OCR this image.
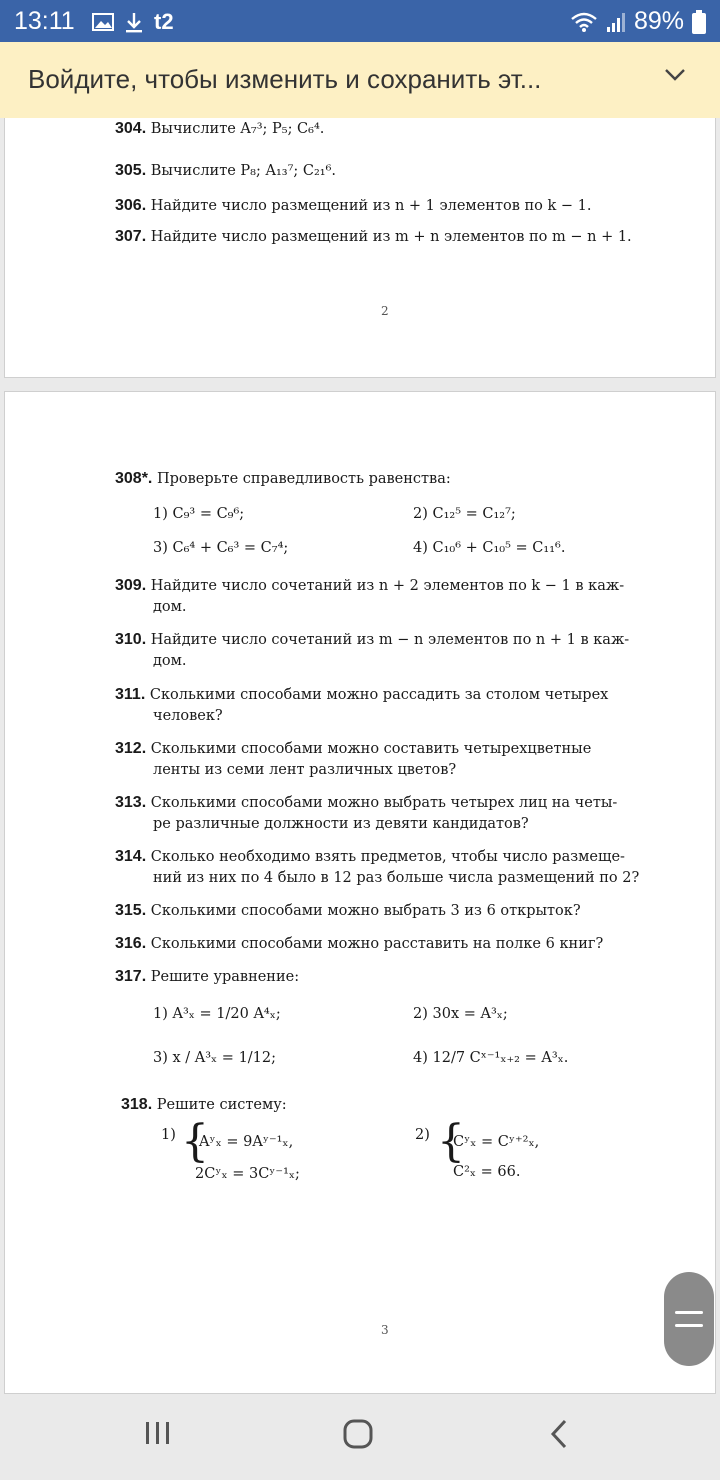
13:11	t2	89%
Войдите, чтобы изменить и сохранить эт...
304. Вычислите A₇³; P₅; C₆⁴.
305. Вычислите P₈; A₁₃⁷; C₂₁⁶.
306. Найдите число размещений из n + 1 элементов по k − 1.
307. Найдите число размещений из m + n элементов по m − n + 1.
2
308*. Проверьте справедливость равенства:
1) C₉³ = C₉⁶;	2) C₁₂⁵ = C₁₂⁷;
3) C₆⁴ + C₆³ = C₇⁴;	4) C₁₀⁶ + C₁₀⁵ = C₁₁⁶.
309. Найдите число сочетаний из n + 2 элементов по k − 1 в каж-
дом.
310. Найдите число сочетаний из m − n элементов по n + 1 в каж-
дом.
311. Сколькими способами можно рассадить за столом четырех
человек?
312. Сколькими способами можно составить четырехцветные
ленты из семи лент различных цветов?
313. Сколькими способами можно выбрать четырех лиц на четы-
ре различные должности из девяти кандидатов?
314. Сколько необходимо взять предметов, чтобы число размеще-
ний из них по 4 было в 12 раз больше числа размещений по 2?
315. Сколькими способами можно выбрать 3 из 6 открыток?
316. Сколькими способами можно расставить на полке 6 книг?
317. Решите уравнение:
1) A³ₓ = 1/20 A⁴ₓ;	2) 30x = A³ₓ;
3) x / A³ₓ = 1/12;	4) 12/7 Cˣ⁻¹ₓ₊₂ = A³ₓ.
318. Решите систему:
1) {
Aʸₓ = 9Aʸ⁻¹ₓ,
2Cʸₓ = 3Cʸ⁻¹ₓ;
2) {
Cʸₓ = Cʸ⁺²ₓ,
C²ₓ = 66.
3
